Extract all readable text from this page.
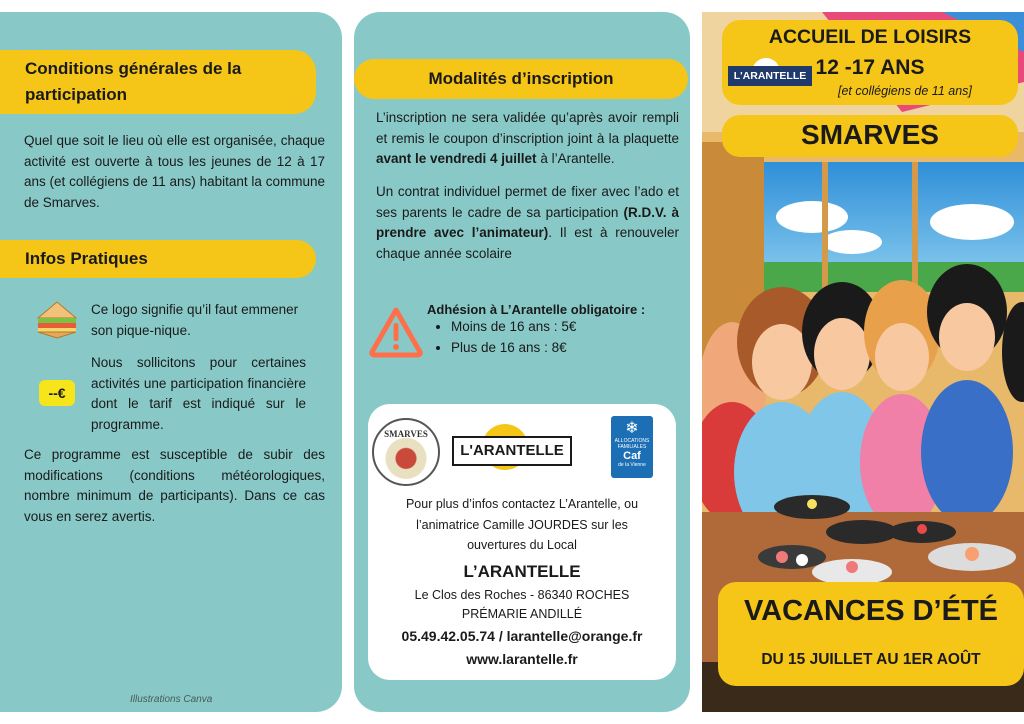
Conditions générales de la participation
Quel que soit le lieu où elle est organisée, chaque activité est ouverte à tous les jeunes de 12 à 17 ans (et collégiens de 11 ans) habitant la commune de Smarves.
Infos Pratiques
Ce logo signifie qu’il faut emmener son pique-nique.
--€
Nous sollicitons pour certaines activités une participation financière dont le tarif est indiqué sur le programme.
Ce programme est susceptible de subir des modifications (conditions météorologiques, nombre minimum de participants). Dans ce cas vous en serez avertis.
Illustrations Canva
Modalités d’inscription
L’inscription ne sera validée qu’après avoir rempli et remis le coupon d’inscription joint à la plaquette avant le vendredi 4 juillet à l’Arantelle.
Un contrat individuel permet de fixer avec l’ado et ses parents le cadre de sa participation (R.D.V. à prendre avec l’animateur). Il est à renouveler chaque année scolaire
Adhésion à L’Arantelle obligatoire :
• Moins de 16 ans : 5€
• Plus de 16 ans : 8€
SMARVES
L'ARANTELLE
❄
ALLOCATIONS FAMILIALES
Caf
de la Vienne
Pour plus d’infos contactez L’Arantelle, ou l’animatrice Camille JOURDES sur les ouvertures du Local
L’ARANTELLE
Le Clos des Roches - 86340 ROCHES
PRÉMARIE ANDILLÉ
05.49.42.05.74 / larantelle@orange.fr
www.larantelle.fr
ACCUEIL DE LOISIRS
12 -17 ANS
[et collégiens de 11 ans]
L'ARANTELLE
SMARVES
VACANCES D’ÉTÉ
DU 15 JUILLET AU 1ER AOÛT
